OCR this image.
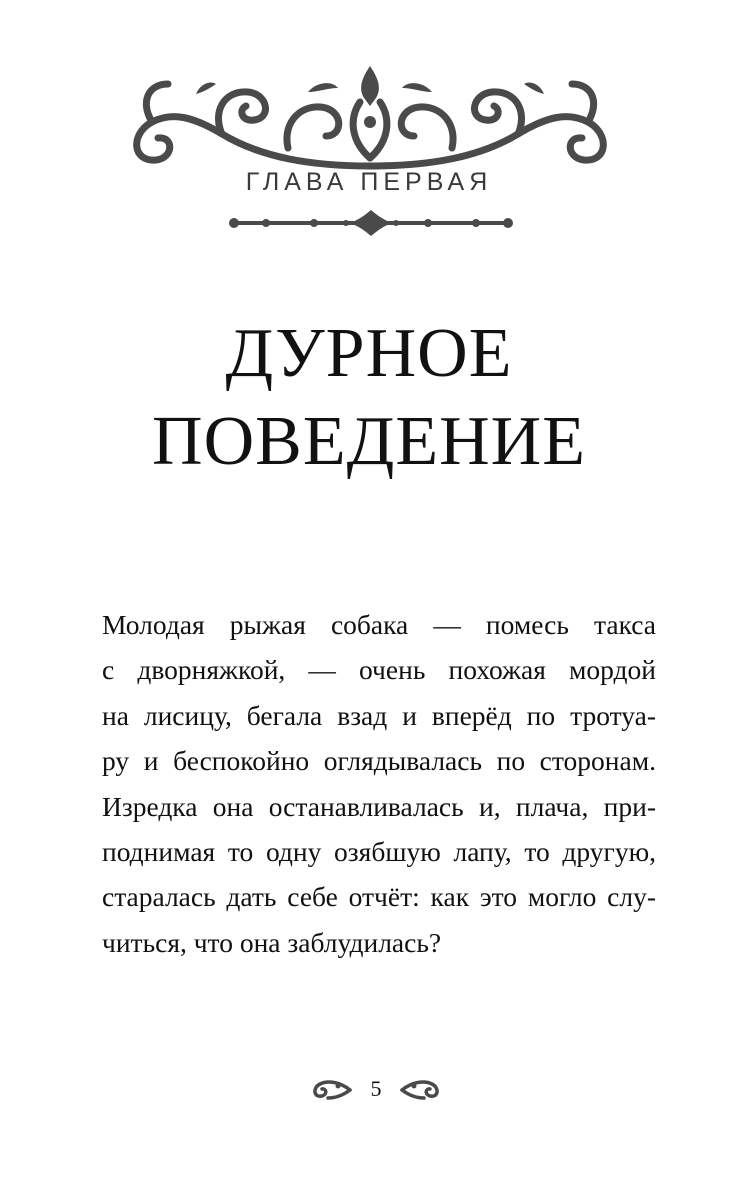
ГЛАВА ПЕРВАЯ
ДУРНОЕ
ПОВЕДЕНИЕ
Молодая рыжая собака — помесь такса
с дворняжкой, — очень похожая мордой
на лисицу, бегала взад и вперёд по тротуа-
ру и беспокойно оглядывалась по сторонам.
Изредка она останавливалась и, плача, при-
поднимая то одну озябшую лапу, то другую,
старалась дать себе отчёт: как это могло слу-
читься, что она заблудилась?
5
